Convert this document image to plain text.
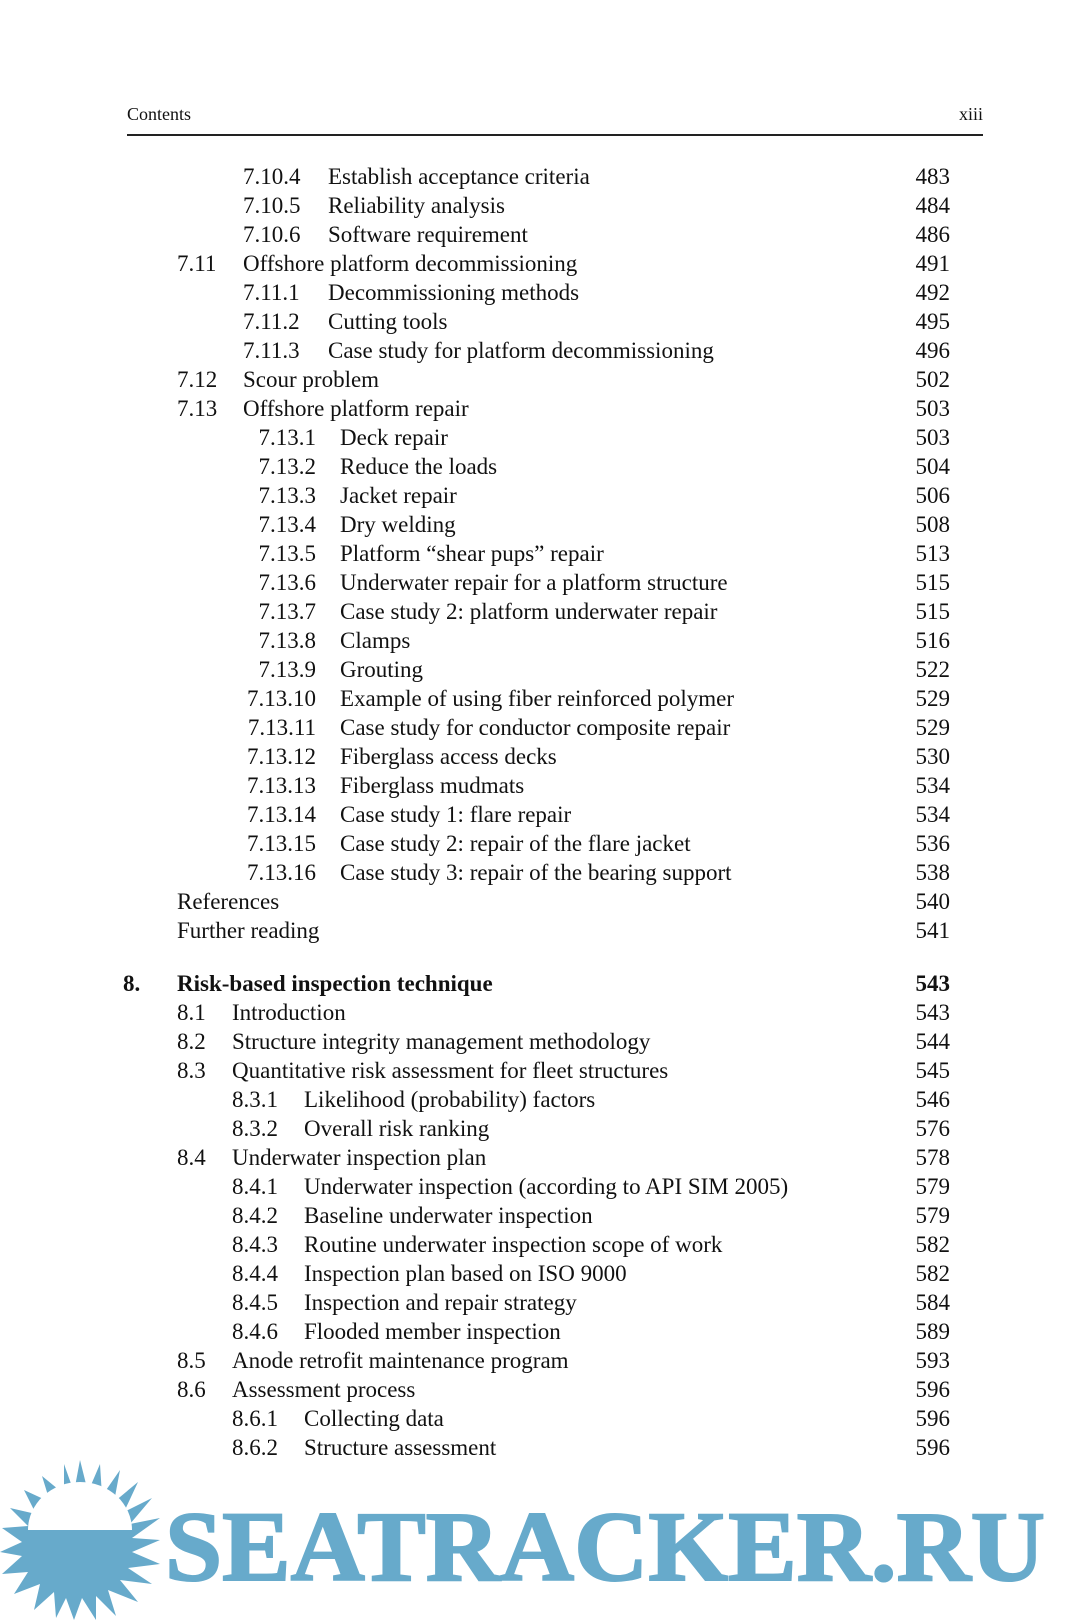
Contents	xiii
7.10.4 Establish acceptance criteria	483
7.10.5 Reliability analysis	484
7.10.6 Software requirement	486
7.11 Offshore platform decommissioning	491
7.11.1 Decommissioning methods	492
7.11.2 Cutting tools	495
7.11.3 Case study for platform decommissioning	496
7.12 Scour problem	502
7.13 Offshore platform repair	503
7.13.1 Deck repair	503
7.13.2 Reduce the loads	504
7.13.3 Jacket repair	506
7.13.4 Dry welding	508
7.13.5 Platform “shear pups” repair	513
7.13.6 Underwater repair for a platform structure	515
7.13.7 Case study 2: platform underwater repair	515
7.13.8 Clamps	516
7.13.9 Grouting	522
7.13.10 Example of using fiber reinforced polymer	529
7.13.11 Case study for conductor composite repair	529
7.13.12 Fiberglass access decks	530
7.13.13 Fiberglass mudmats	534
7.13.14 Case study 1: flare repair	534
7.13.15 Case study 2: repair of the flare jacket	536
7.13.16 Case study 3: repair of the bearing support	538
References	540
Further reading	541
8. Risk-based inspection technique	543
8.1 Introduction	543
8.2 Structure integrity management methodology	544
8.3 Quantitative risk assessment for fleet structures	545
8.3.1 Likelihood (probability) factors	546
8.3.2 Overall risk ranking	576
8.4 Underwater inspection plan	578
8.4.1 Underwater inspection (according to API SIM 2005)	579
8.4.2 Baseline underwater inspection	579
8.4.3 Routine underwater inspection scope of work	582
8.4.4 Inspection plan based on ISO 9000	582
8.4.5 Inspection and repair strategy	584
8.4.6 Flooded member inspection	589
8.5 Anode retrofit maintenance program	593
8.6 Assessment process	596
8.6.1 Collecting data	596
8.6.2 Structure assessment	596
SEATRACKER.RU
